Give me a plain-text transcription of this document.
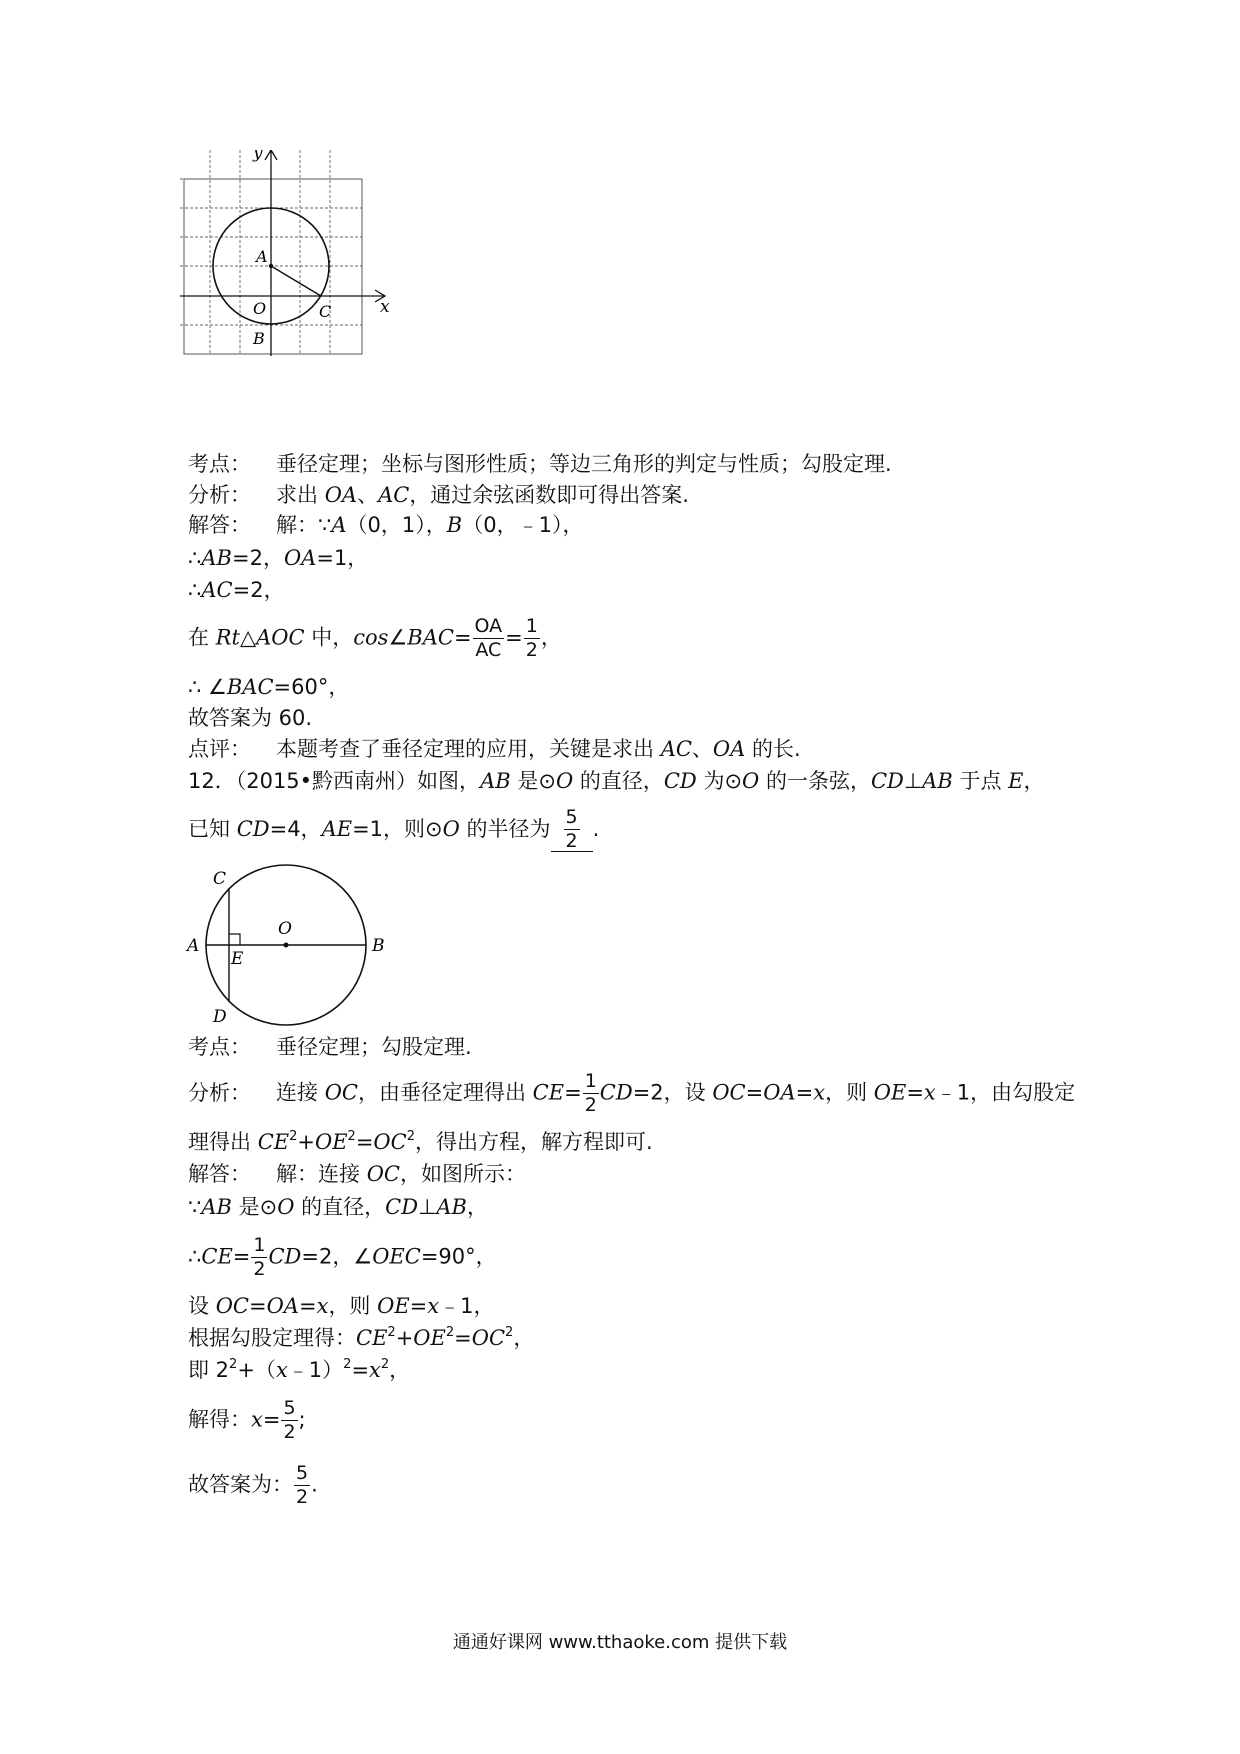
y
x
A
O	C
B
考点： 垂径定理；坐标与图形性质；等边三角形的判定与性质；勾股定理.
分析： 求出 OA、AC，通过余弦函数即可得出答案.
解答： 解：∵A（0，1），B（0，﹣1），
∴AB=2，OA=1，
∴AC=2，
在 Rt△AOC 中，cos∠BAC= $\frac{OA}{AC} = \frac{1}{2}$ ，
∴ ∠BAC=60°，
故答案为 60.
点评： 本题考查了垂径定理的应用，关键是求出 AC、OA 的长.
12．（2015•黔西南州）如图，AB 是⊙O 的直径，CD 为⊙O 的一条弦，CD⊥AB 于点 E，
已知 CD=4，AE=1，则⊙O 的半径为 $\frac{5}{2}$ .
C
A
E
O
B
D
考点： 垂径定理；勾股定理.
分析： 连接 OC，由垂径定理得出 $CE= \frac{1}{2} CD=2$，设 OC=OA=x，则 OE=x﹣1，由勾股定
理得出 $CE^2+OE^2=OC^2$，得出方程，解方程即可.
解答： 解：连接 OC，如图所示：
∵AB 是⊙O 的直径，CD⊥AB，
∴CE= $\frac{1}{2} CD=2$，∠OEC=90°，
设 OC=OA=x，则 OE=x﹣1，
根据勾股定理得：$CE^2+OE^2=OC^2$，
即 $2^2+(x﹣1)^2=x^2$，
解得：$x= \frac{5}{2}$ ;
故答案为： $\frac{5}{2}$ .
通通好课网 www.tthaoke.com 提供下载
